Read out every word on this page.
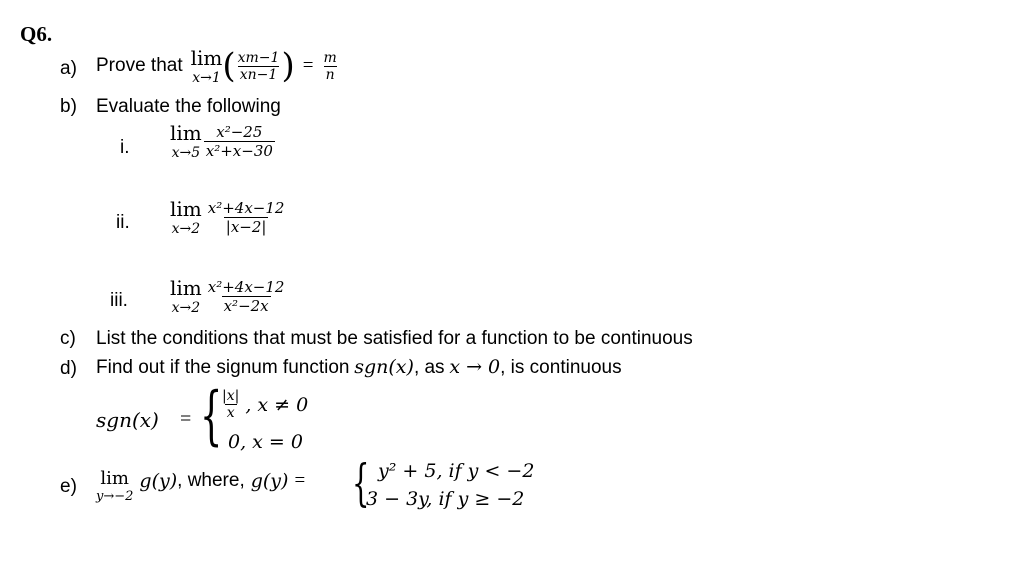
Q6.
a) Prove that lim
x→1 ( $\frac{xm-1}{xn-1}$ ) = $\frac{m}{n}$
b) Evaluate the following
i.
lim
$x\to 5 \frac{\text{x²−25}}{\text{x²+x−30}}$
ii.
lim
$x\to 2 \frac{\text{x²+4x−12}}{|x-2|}$
iii.
lim
$x\to 2 \frac{\text{x²+4x−12}}{\text{x²−2x}}$
c) List the conditions that must be satisfied for a function to be continuous
d) Find out if the signum function sgn(x), as x → 0, is continuous
sgn(x) = {
$\frac{|x|}{x}$ , x ≠ 0
0, x = 0
e) lim
y→−2
g(y) , where, g(y) = { y² + 5, if y < −2
3 − 3y, if y ≥ −2
